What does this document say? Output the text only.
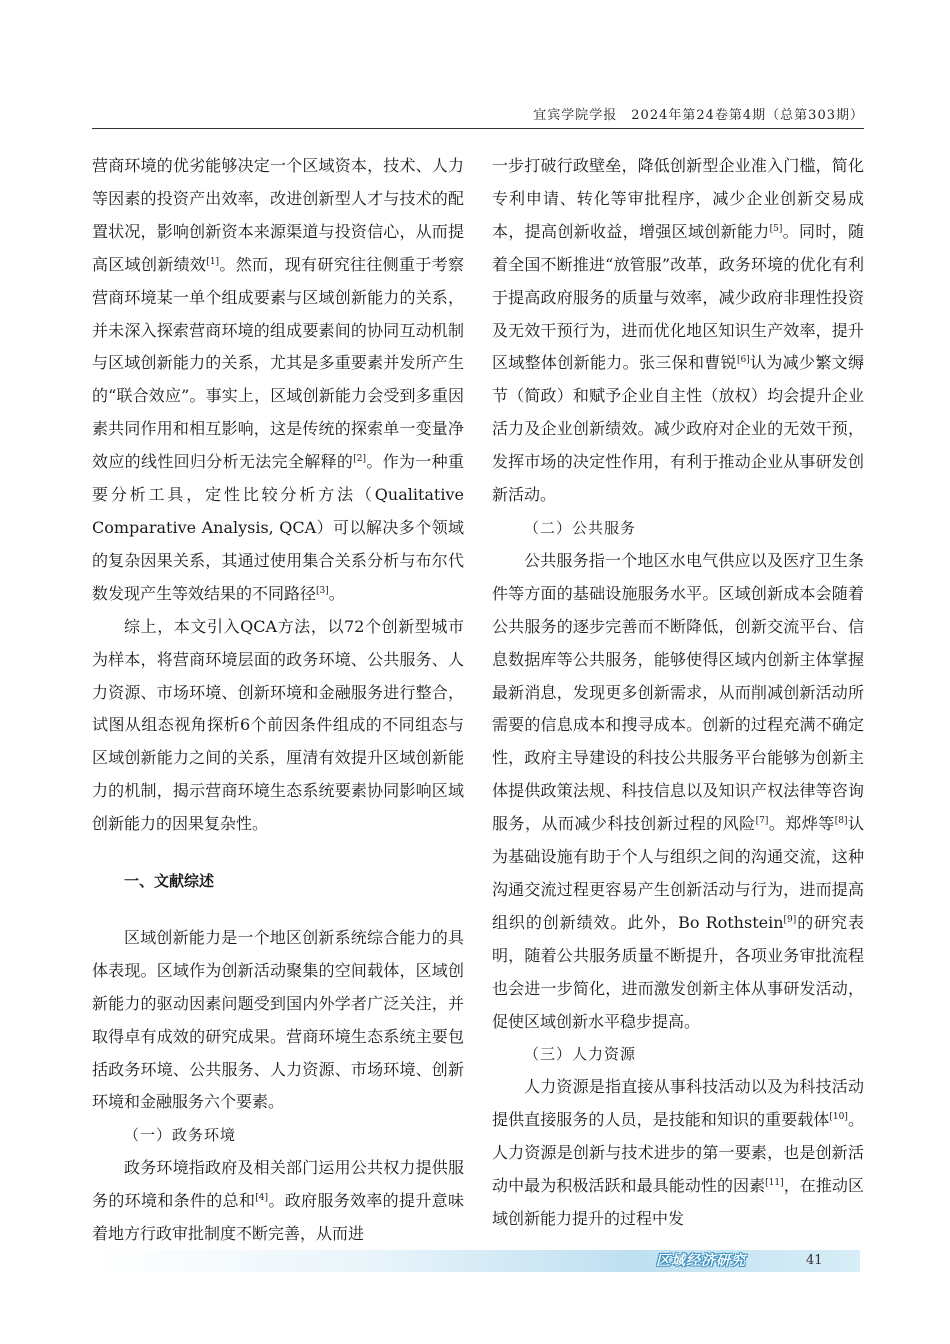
宜宾学院学报　2024年第24卷第4期（总第303期）

营商环境的优劣能够决定一个区域资本，技术、人力等因素的投资产出效率，改进创新型人才与技术的配置状况，影响创新资本来源渠道与投资信心，从而提高区域创新绩效[1]。然而，现有研究往往侧重于考察营商环境某一单个组成要素与区域创新能力的关系，并未深入探索营商环境的组成要素间的协同互动机制与区域创新能力的关系，尤其是多重要素并发所产生的“联合效应”。事实上，区域创新能力会受到多重因素共同作用和相互影响，这是传统的探索单一变量净效应的线性回归分析无法完全解释的[2]。作为一种重要分析工具，定性比较分析方法（Qualitative Comparative Analysis, QCA）可以解决多个领域的复杂因果关系，其通过使用集合关系分析与布尔代数发现产生等效结果的不同路径[3]。

综上，本文引入QCA方法，以72个创新型城市为样本，将营商环境层面的政务环境、公共服务、人力资源、市场环境、创新环境和金融服务进行整合，试图从组态视角探析6个前因条件组成的不同组态与区域创新能力之间的关系，厘清有效提升区域创新能力的机制，揭示营商环境生态系统要素协同影响区域创新能力的因果复杂性。

一、文献综述

区域创新能力是一个地区创新系统综合能力的具体表现。区域作为创新活动聚集的空间载体，区域创新能力的驱动因素问题受到国内外学者广泛关注，并取得卓有成效的研究成果。营商环境生态系统主要包括政务环境、公共服务、人力资源、市场环境、创新环境和金融服务六个要素。

（一）政务环境

政务环境指政府及相关部门运用公共权力提供服务的环境和条件的总和[4]。政府服务效率的提升意味着地方行政审批制度不断完善，从而进

一步打破行政壁垒，降低创新型企业准入门槛，简化专利申请、转化等审批程序，减少企业创新交易成本，提高创新收益，增强区域创新能力[5]。同时，随着全国不断推进“放管服”改革，政务环境的优化有利于提高政府服务的质量与效率，减少政府非理性投资及无效干预行为，进而优化地区知识生产效率，提升区域整体创新能力。张三保和曹锐[6]认为减少繁文缛节（简政）和赋予企业自主性（放权）均会提升企业活力及企业创新绩效。减少政府对企业的无效干预，发挥市场的决定性作用，有利于推动企业从事研发创新活动。

（二）公共服务

公共服务指一个地区水电气供应以及医疗卫生条件等方面的基础设施服务水平。区域创新成本会随着公共服务的逐步完善而不断降低，创新交流平台、信息数据库等公共服务，能够使得区域内创新主体掌握最新消息，发现更多创新需求，从而削减创新活动所需要的信息成本和搜寻成本。创新的过程充满不确定性，政府主导建设的科技公共服务平台能够为创新主体提供政策法规、科技信息以及知识产权法律等咨询服务，从而减少科技创新过程的风险[7]。郑烨等[8]认为基础设施有助于个人与组织之间的沟通交流，这种沟通交流过程更容易产生创新活动与行为，进而提高组织的创新绩效。此外，Bo Rothstein[9]的研究表明，随着公共服务质量不断提升，各项业务审批流程也会进一步简化，进而激发创新主体从事研发活动，促使区域创新水平稳步提高。

（三）人力资源

人力资源是指直接从事科技活动以及为科技活动提供直接服务的人员，是技能和知识的重要载体[10]。人力资源是创新与技术进步的第一要素，也是创新活动中最为积极活跃和最具能动性的因素[11]，在推动区域创新能力提升的过程中发

区域经济研究	41
